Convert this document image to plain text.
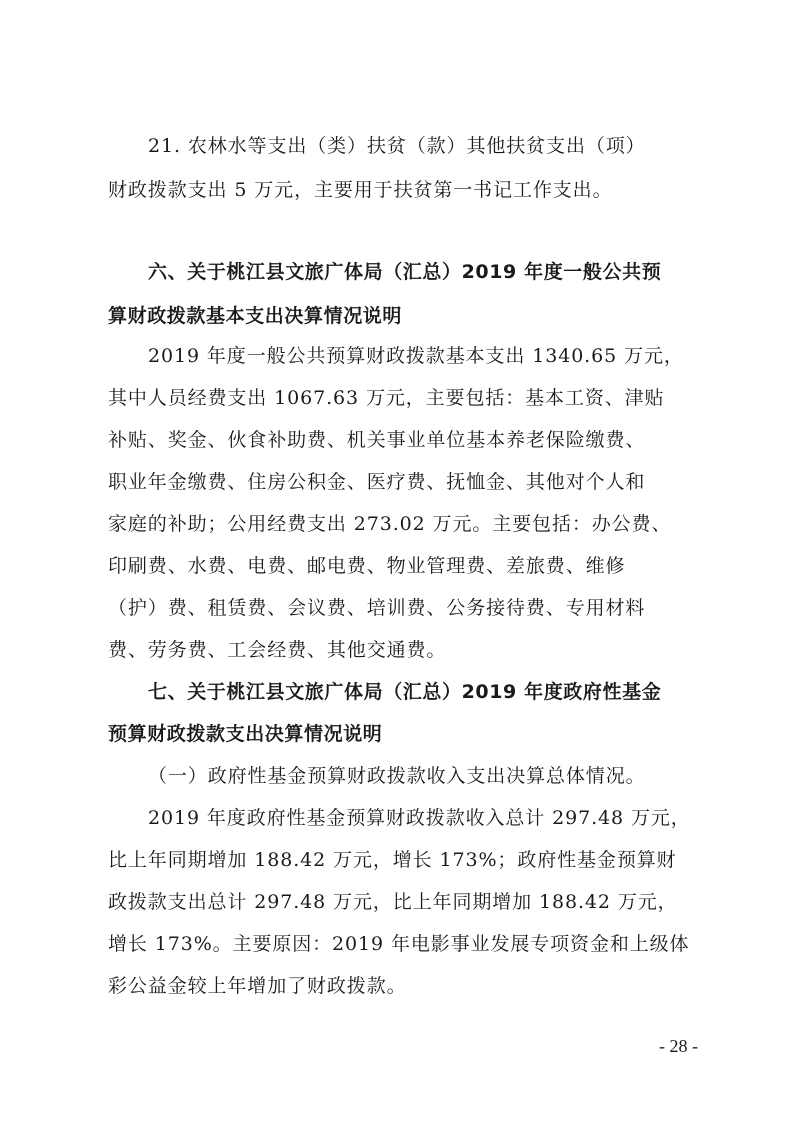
21. 农林水等支出（类）扶贫（款）其他扶贫支出（项）
财政拨款支出 5 万元，主要用于扶贫第一书记工作支出。
六、关于桃江县文旅广体局（汇总）2019 年度一般公共预
算财政拨款基本支出决算情况说明
2019 年度一般公共预算财政拨款基本支出 1340.65 万元，
其中人员经费支出 1067.63 万元，主要包括：基本工资、津贴
补贴、奖金、伙食补助费、机关事业单位基本养老保险缴费、
职业年金缴费、住房公积金、医疗费、抚恤金、其他对个人和
家庭的补助；公用经费支出 273.02 万元。主要包括：办公费、
印刷费、水费、电费、邮电费、物业管理费、差旅费、维修
（护）费、租赁费、会议费、培训费、公务接待费、专用材料
费、劳务费、工会经费、其他交通费。
七、关于桃江县文旅广体局（汇总）2019 年度政府性基金
预算财政拨款支出决算情况说明
（一）政府性基金预算财政拨款收入支出决算总体情况。
2019 年度政府性基金预算财政拨款收入总计 297.48 万元，
比上年同期增加 188.42 万元，增长 173%；政府性基金预算财
政拨款支出总计 297.48 万元，比上年同期增加 188.42 万元，
增长 173%。主要原因：2019 年电影事业发展专项资金和上级体
彩公益金较上年增加了财政拨款。
- 28 -
